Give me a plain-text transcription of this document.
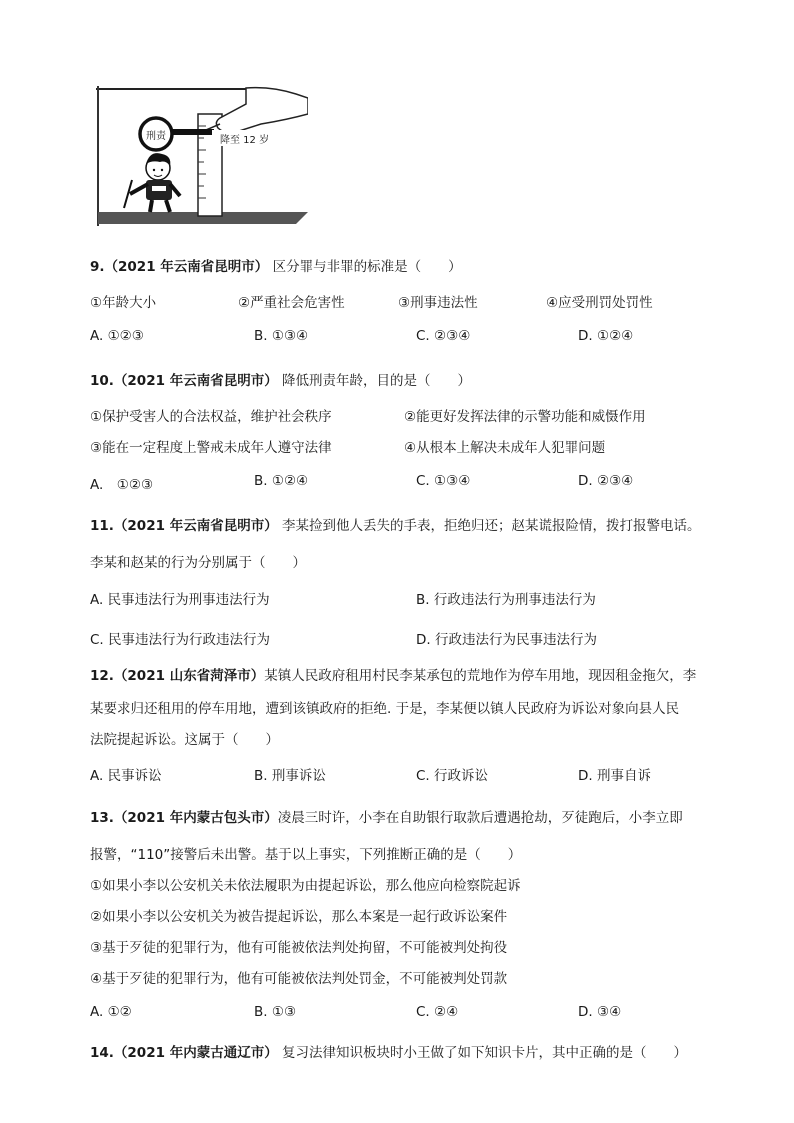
刑责	降至 12 岁
9.（2021 年云南省昆明市） 区分罪与非罪的标准是（　　）
①年龄大小	②严重社会危害性	③刑事违法性	④应受刑罚处罚性
A. ①②③	B. ①③④	C. ②③④	D. ①②④
10.（2021 年云南省昆明市） 降低刑责年龄，目的是（　　）
①保护受害人的合法权益，维护社会秩序	②能更好发挥法律的示警功能和威慑作用
③能在一定程度上警戒未成年人遵守法律	④从根本上解决未成年人犯罪问题
A.　①②③	B. ①②④	C. ①③④	D. ②③④
11.（2021 年云南省昆明市） 李某捡到他人丢失的手表，拒绝归还；赵某谎报险情，拨打报警电话。
李某和赵某的行为分别属于（　　）
A. 民事违法行为刑事违法行为	B. 行政违法行为刑事违法行为
C. 民事违法行为行政违法行为	D. 行政违法行为民事违法行为
12.（2021 山东省菏泽市）某镇人民政府租用村民李某承包的荒地作为停车用地，现因租金拖欠，李
某要求归还租用的停车用地，遭到该镇政府的拒绝. 于是，李某便以镇人民政府为诉讼对象向县人民
法院提起诉讼。这属于（　　）
A. 民事诉讼	B. 刑事诉讼	C. 行政诉讼	D. 刑事自诉
13.（2021 年内蒙古包头市）凌晨三时许，小李在自助银行取款后遭遇抢劫，歹徒跑后，小李立即
报警，“110”接警后未出警。基于以上事实，下列推断正确的是（　　）
①如果小李以公安机关未依法履职为由提起诉讼，那么他应向检察院起诉
②如果小李以公安机关为被告提起诉讼，那么本案是一起行政诉讼案件
③基于歹徒的犯罪行为，他有可能被依法判处拘留，不可能被判处拘役
④基于歹徒的犯罪行为，他有可能被依法判处罚金，不可能被判处罚款
A. ①②	B. ①③	C. ②④	D. ③④
14.（2021 年内蒙古通辽市） 复习法律知识板块时小王做了如下知识卡片，其中正确的是（　　）
